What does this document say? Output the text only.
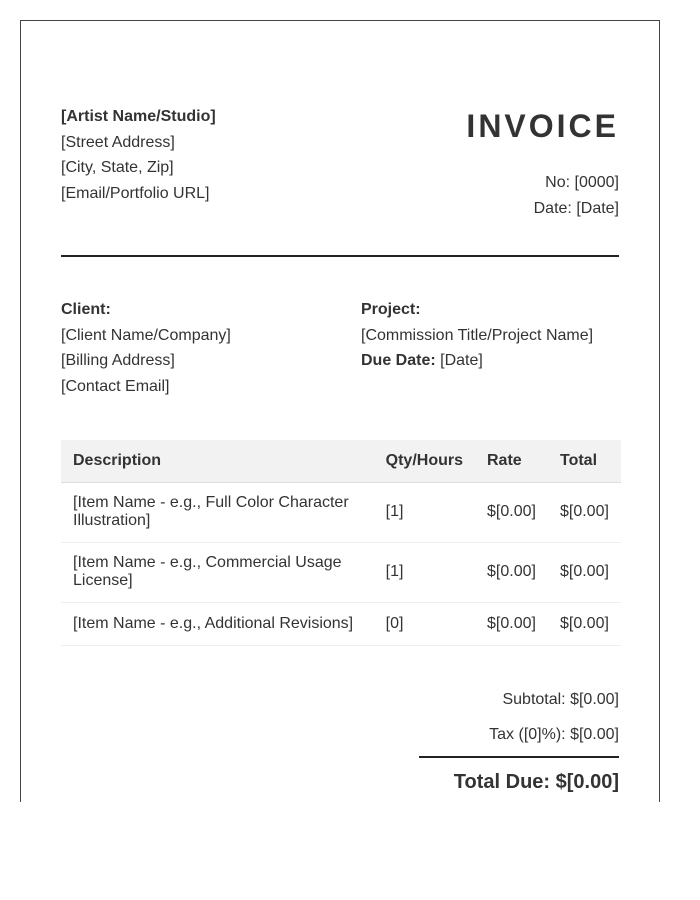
[Artist Name/Studio]
[Street Address]
[City, State, Zip]
[Email/Portfolio URL]
INVOICE
No: [0000]
Date: [Date]
Client:
[Client Name/Company]
[Billing Address]
[Contact Email]
Project:
[Commission Title/Project Name]
Due Date: [Date]
Description	Qty/Hours	Rate	Total
[Item Name - e.g., Full Color Character Illustration]	[1]	$[0.00]	$[0.00]
[Item Name - e.g., Commercial Usage License]	[1]	$[0.00]	$[0.00]
[Item Name - e.g., Additional Revisions]	[0]	$[0.00]	$[0.00]
Subtotal: $[0.00]
Tax ([0]%): $[0.00]
Total Due: $[0.00]
